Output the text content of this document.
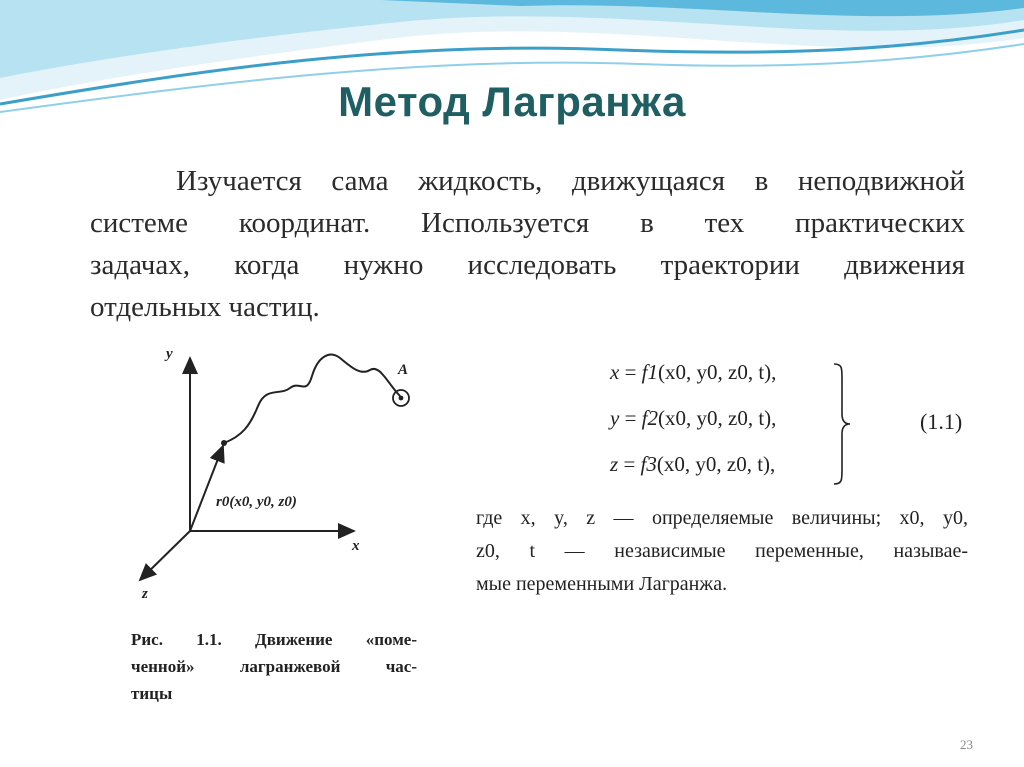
Метод Лагранжа
Изучается сама жидкость, движущаяся в неподвижной
системе координат. Используется в тех практических
задачах, когда нужно исследовать траектории движения
отдельных частиц.
y
x
z
A
r0(x0, y0, z0)
Рис. 1.1. Движение «поме-
ченной» лагранжевой час-
тицы
x = f1(x0, y0, z0, t),
y = f2(x0, y0, z0, t),
z = f3(x0, y0, z0, t),
(1.1)
где x, y, z — определяемые величины; x0, y0,
z0, t — независимые переменные, называе-
мые переменными Лагранжа.
23
